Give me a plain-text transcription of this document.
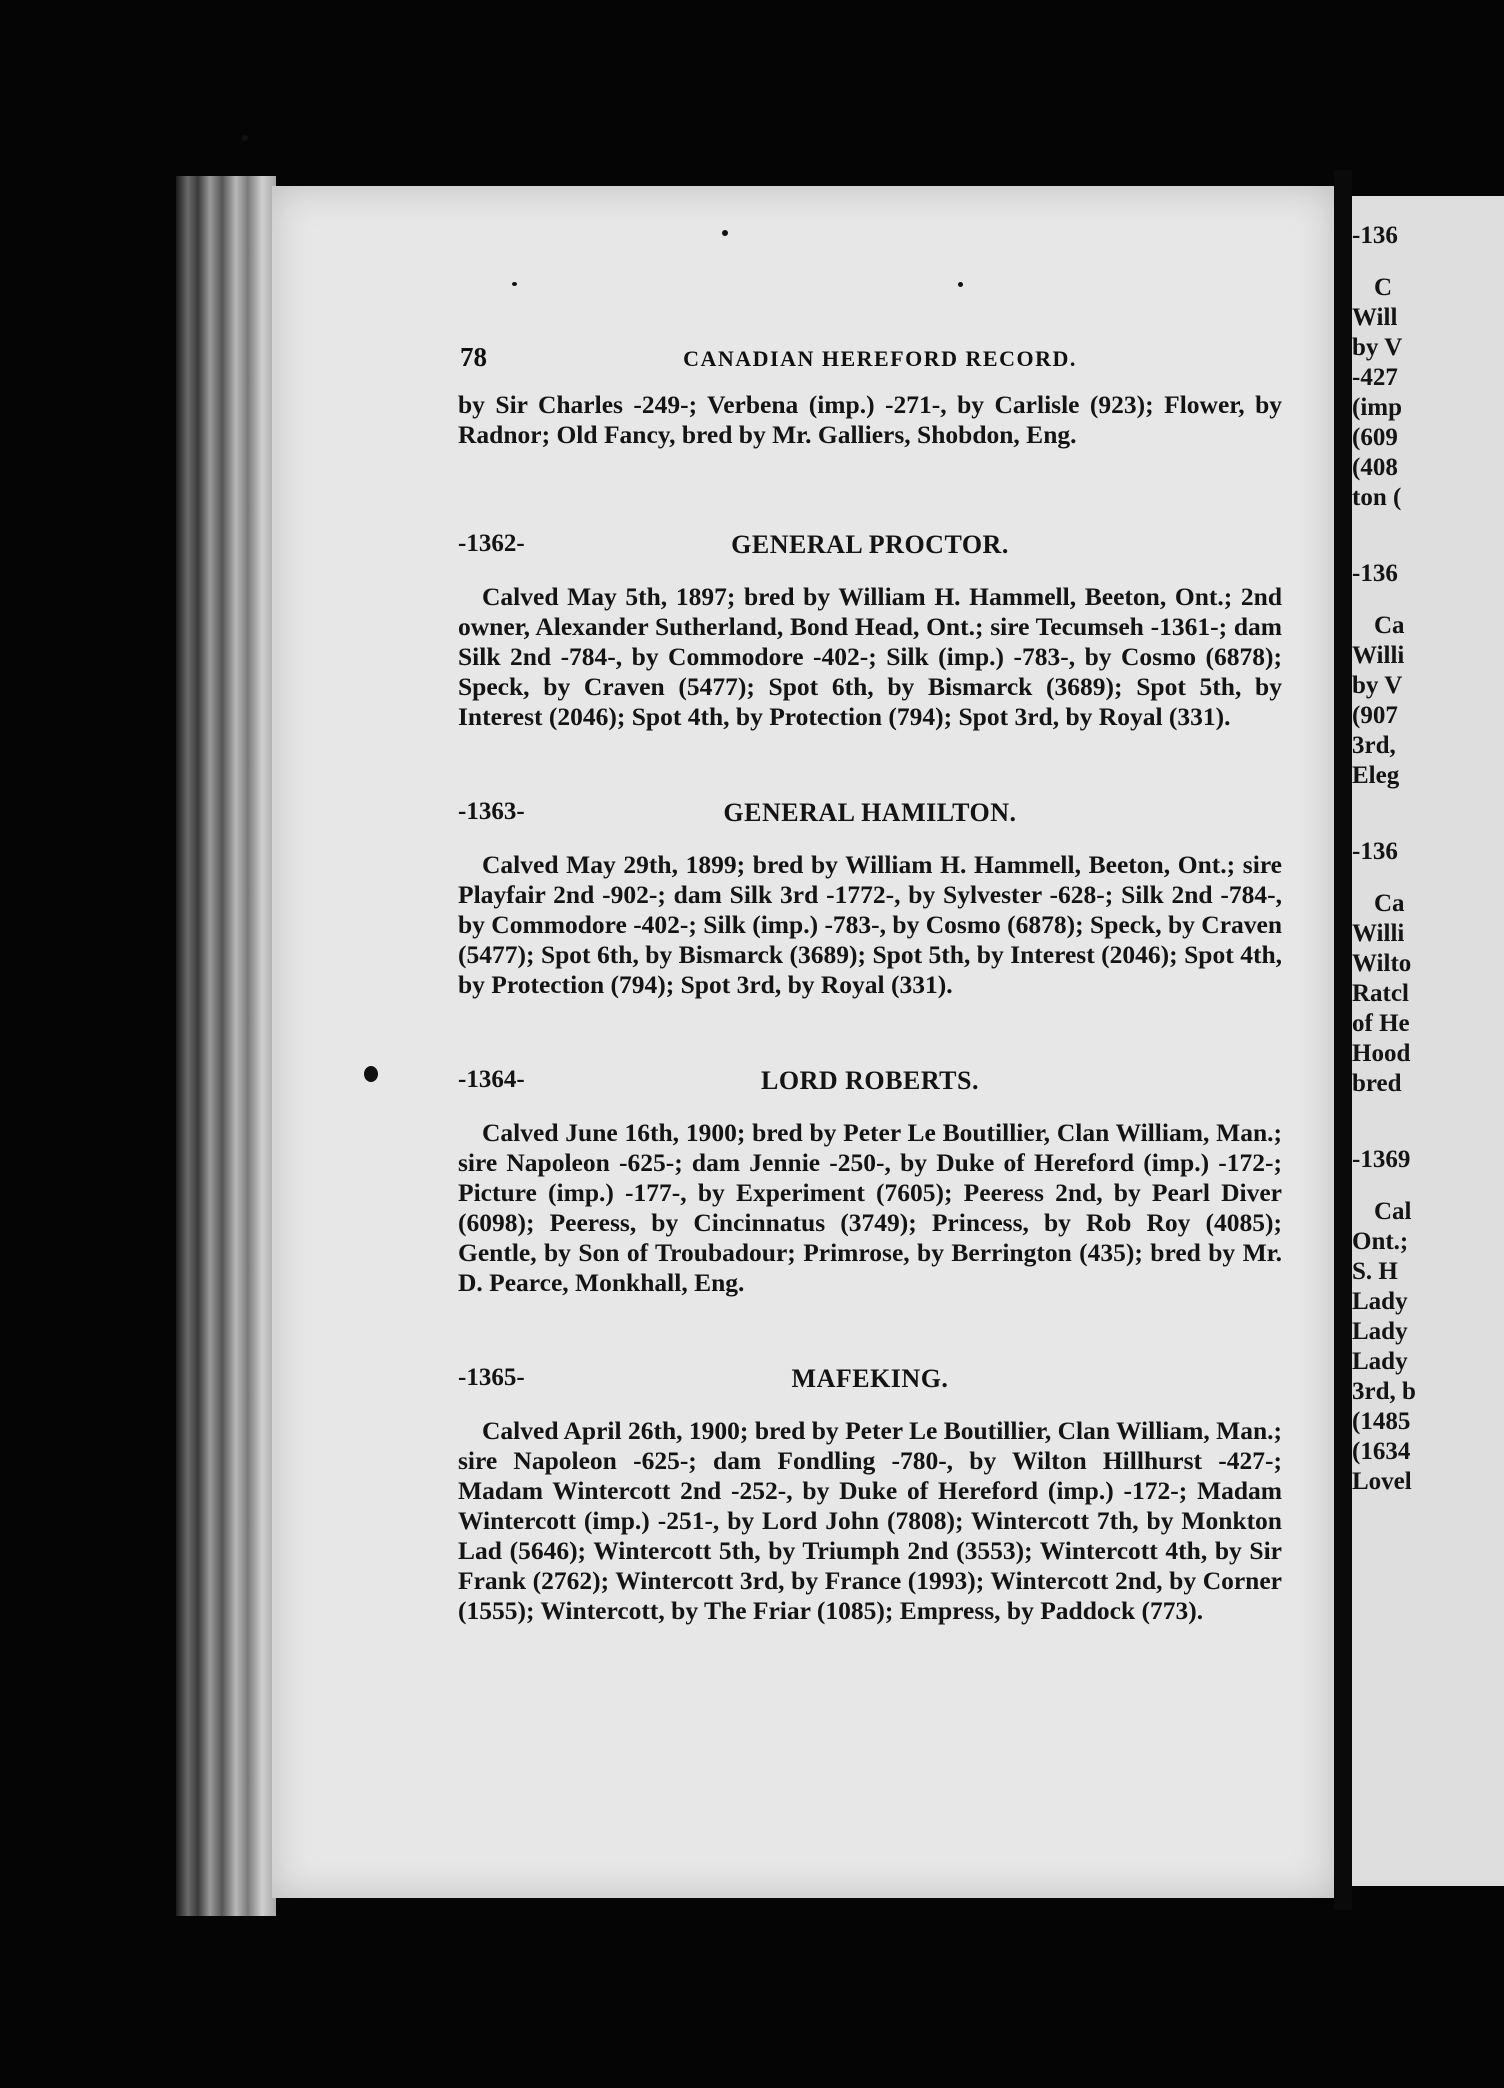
78	CANADIAN HEREFORD RECORD.

by Sir Charles -249-; Verbena (imp.) -271-, by Carlisle (923); Flower, by Radnor; Old Fancy, bred by Mr. Galliers, Shobdon, Eng.

-1362-	GENERAL PROCTOR.

Calved May 5th, 1897; bred by William H. Hammell, Beeton, Ont.; 2nd owner, Alexander Sutherland, Bond Head, Ont.; sire Tecumseh -1361-; dam Silk 2nd -784-, by Commodore -402-; Silk (imp.) -783-, by Cosmo (6878); Speck, by Craven (5477); Spot 6th, by Bismarck (3689); Spot 5th, by Interest (2046); Spot 4th, by Protection (794); Spot 3rd, by Royal (331).

-1363-	GENERAL HAMILTON.

Calved May 29th, 1899; bred by William H. Hammell, Beeton, Ont.; sire Playfair 2nd -902-; dam Silk 3rd -1772-, by Sylvester -628-; Silk 2nd -784-, by Commodore -402-; Silk (imp.) -783-, by Cosmo (6878); Speck, by Craven (5477); Spot 6th, by Bismarck (3689); Spot 5th, by Interest (2046); Spot 4th, by Protection (794); Spot 3rd, by Royal (331).

-1364-	LORD ROBERTS.

Calved June 16th, 1900; bred by Peter Le Boutillier, Clan William, Man.; sire Napoleon -625-; dam Jennie -250-, by Duke of Hereford (imp.) -172-; Picture (imp.) -177-, by Experiment (7605); Peeress 2nd, by Pearl Diver (6098); Peeress, by Cincinnatus (3749); Princess, by Rob Roy (4085); Gentle, by Son of Troubadour; Primrose, by Berrington (435); bred by Mr. D. Pearce, Monkhall, Eng.

-1365-	MAFEKING.

Calved April 26th, 1900; bred by Peter Le Boutillier, Clan William, Man.; sire Napoleon -625-; dam Fondling -780-, by Wilton Hillhurst -427-; Madam Wintercott 2nd -252-, by Duke of Hereford (imp.) -172-; Madam Wintercott (imp.) -251-, by Lord John (7808); Wintercott 7th, by Monkton Lad (5646); Wintercott 5th, by Triumph 2nd (3553); Wintercott 4th, by Sir Frank (2762); Wintercott 3rd, by France (1993); Wintercott 2nd, by Corner (1555); Wintercott, by The Friar (1085); Empress, by Paddock (773).

-136
C
Will
by V
-427
(imp
(609
(408
ton (
-136
Ca
Willi
by V
(907
3rd,
Eleg
-136
Ca
Willi
Wilto
Ratcl
of He
Hood
bred
-1369
Cal
Ont.;
S. H
Lady
Lady
Lady
3rd, b
(1485
(1634
Lovel
